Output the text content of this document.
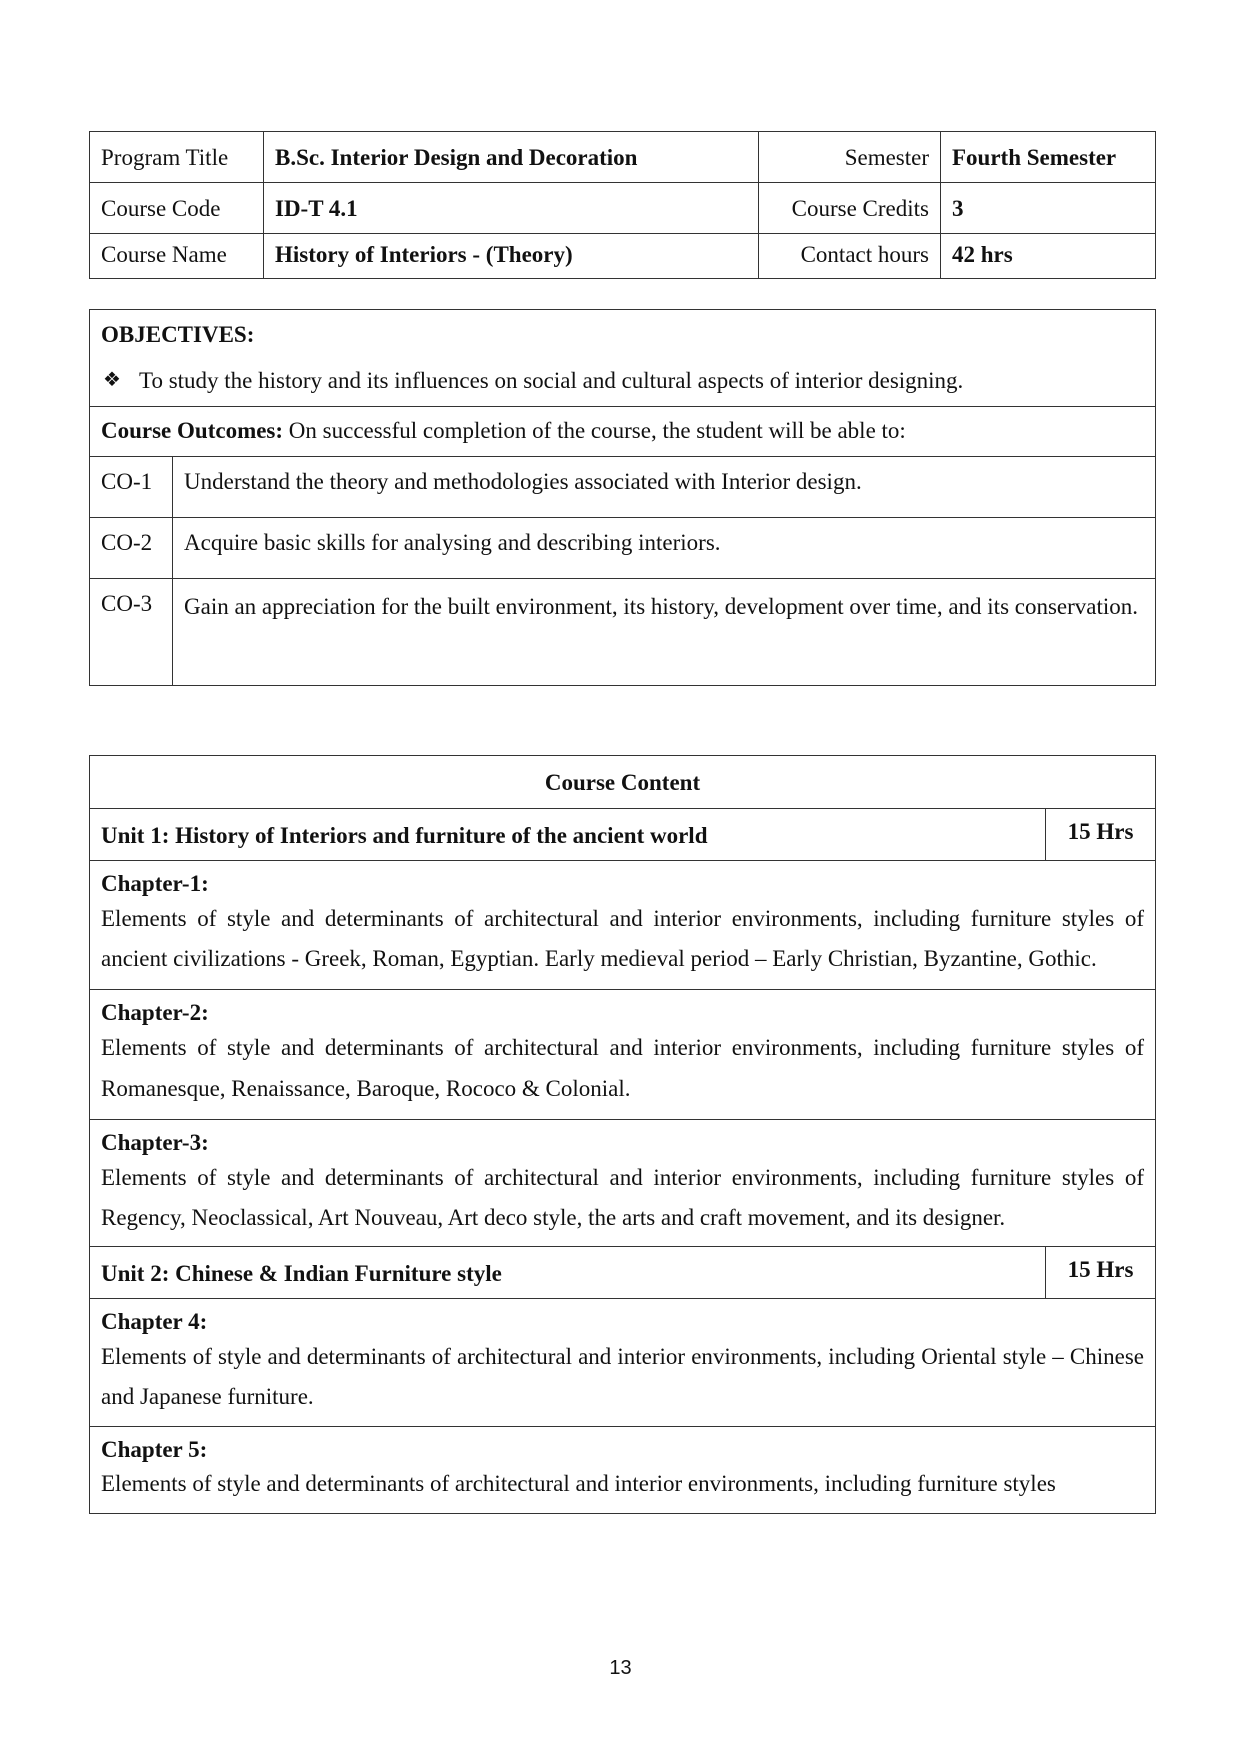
Program Title	B.Sc. Interior Design and Decoration	Semester	Fourth Semester
Course Code	ID-T 4.1	Course Credits	3
Course Name	History of Interiors - (Theory)	Contact hours	42 hrs
OBJECTIVES:
❖ To study the history and its influences on social and cultural aspects of interior designing.	

Course Outcomes: On successful completion of the course, the student will be able to:	
CO-1	Understand the theory and methodologies associated with Interior design.
CO-2	Acquire basic skills for analysing and describing interiors.
CO-3	Gain an appreciation for the built environment, its history, development over time, and its conservation.
Course Content	
Unit 1: History of Interiors and furniture of the ancient world	15 Hrs

Chapter-1:
Elements of style and determinants of architectural and interior environments, including furniture styles of ancient civilizations - Greek, Roman, Egyptian. Early medieval period – Early Christian, Byzantine, Gothic.	

Chapter-2:
Elements of style and determinants of architectural and interior environments, including furniture styles of Romanesque, Renaissance, Baroque, Rococo & Colonial.	

Chapter-3:
Elements of style and determinants of architectural and interior environments, including furniture styles of Regency, Neoclassical, Art Nouveau, Art deco style, the arts and craft movement, and its designer.	

Unit 2: Chinese & Indian Furniture style	15 Hrs

Chapter 4:
Elements of style and determinants of architectural and interior environments, including Oriental style – Chinese and Japanese furniture.	

Chapter 5:
Elements of style and determinants of architectural and interior environments, including furniture styles	
13
